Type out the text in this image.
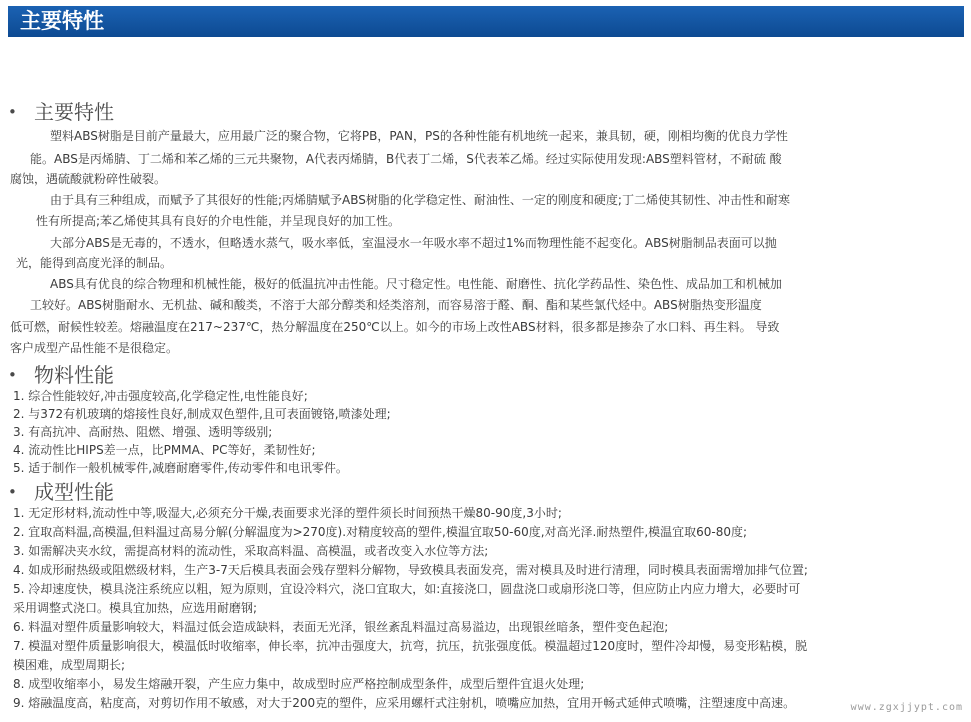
主要特性
• 主要特性
塑料ABS树脂是目前产量最大，应用最广泛的聚合物，它将PB，PAN，PS的各种性能有机地统一起来，兼具韧，硬，刚相均衡的优良力学性
能。ABS是丙烯腈、丁二烯和苯乙烯的三元共聚物，A代表丙烯腈，B代表丁二烯，S代表苯乙烯。经过实际使用发现:ABS塑料管材，不耐硫 酸
腐蚀，遇硫酸就粉碎性破裂。
由于具有三种组成，而赋予了其很好的性能;丙烯腈赋予ABS树脂的化学稳定性、耐油性、一定的刚度和硬度;丁二烯使其韧性、冲击性和耐寒
性有所提高;苯乙烯使其具有良好的介电性能，并呈现良好的加工性。
大部分ABS是无毒的，不透水，但略透水蒸气，吸水率低，室温浸水一年吸水率不超过1%而物理性能不起变化。ABS树脂制品表面可以抛
光，能得到高度光泽的制品。
ABS具有优良的综合物理和机械性能，极好的低温抗冲击性能。尺寸稳定性。电性能、耐磨性、抗化学药品性、染色性、成品加工和机械加
工较好。ABS树脂耐水、无机盐、碱和酸类，不溶于大部分醇类和烃类溶剂，而容易溶于醛、酮、酯和某些氯代烃中。ABS树脂热变形温度
低可燃，耐候性较差。熔融温度在217~237℃，热分解温度在250℃以上。如今的市场上改性ABS材料，很多都是掺杂了水口料、再生料。 导致
客户成型产品性能不是很稳定。
• 物料性能
1. 综合性能较好,冲击强度较高,化学稳定性,电性能良好;
2. 与372有机玻璃的熔接性良好,制成双色塑件,且可表面镀铬,喷漆处理;
3. 有高抗冲、高耐热、阻燃、增强、透明等级别;
4. 流动性比HIPS差一点，比PMMA、PC等好，柔韧性好;
5. 适于制作一般机械零件,减磨耐磨零件,传动零件和电讯零件。
• 成型性能
1. 无定形材料,流动性中等,吸湿大,必须充分干燥,表面要求光泽的塑件须长时间预热干燥80-90度,3小时;
2. 宜取高料温,高模温,但料温过高易分解(分解温度为>270度).对精度较高的塑件,模温宜取50-60度,对高光泽.耐热塑件,模温宜取60-80度;
3. 如需解决夹水纹，需提高材料的流动性，采取高料温、高模温，或者改变入水位等方法;
4. 如成形耐热级或阻燃级材料，生产3-7天后模具表面会残存塑料分解物，导致模具表面发亮，需对模具及时进行清理，同时模具表面需增加排气位置;
5. 冷却速度快，模具浇注系统应以粗，短为原则，宜设冷料穴，浇口宜取大，如:直接浇口，圆盘浇口或扇形浇口等，但应防止内应力增大，必要时可
采用调整式浇口。模具宜加热，应选用耐磨钢;
6. 料温对塑件质量影响较大，料温过低会造成缺料，表面无光泽，银丝紊乱料温过高易溢边，出现银丝暗条，塑件变色起泡;
7. 模温对塑件质量影响很大，模温低时收缩率，伸长率，抗冲击强度大，抗弯，抗压，抗张强度低。模温超过120度时，塑件冷却慢，易变形粘模，脱
模困难，成型周期长;
8. 成型收缩率小，易发生熔融开裂，产生应力集中，故成型时应严格控制成型条件，成型后塑件宜退火处理;
9. 熔融温度高，粘度高，对剪切作用不敏感，对大于200克的塑件，应采用螺杆式注射机，喷嘴应加热，宜用开畅式延伸式喷嘴，注塑速度中高速。	www.zgxjjypt.com
